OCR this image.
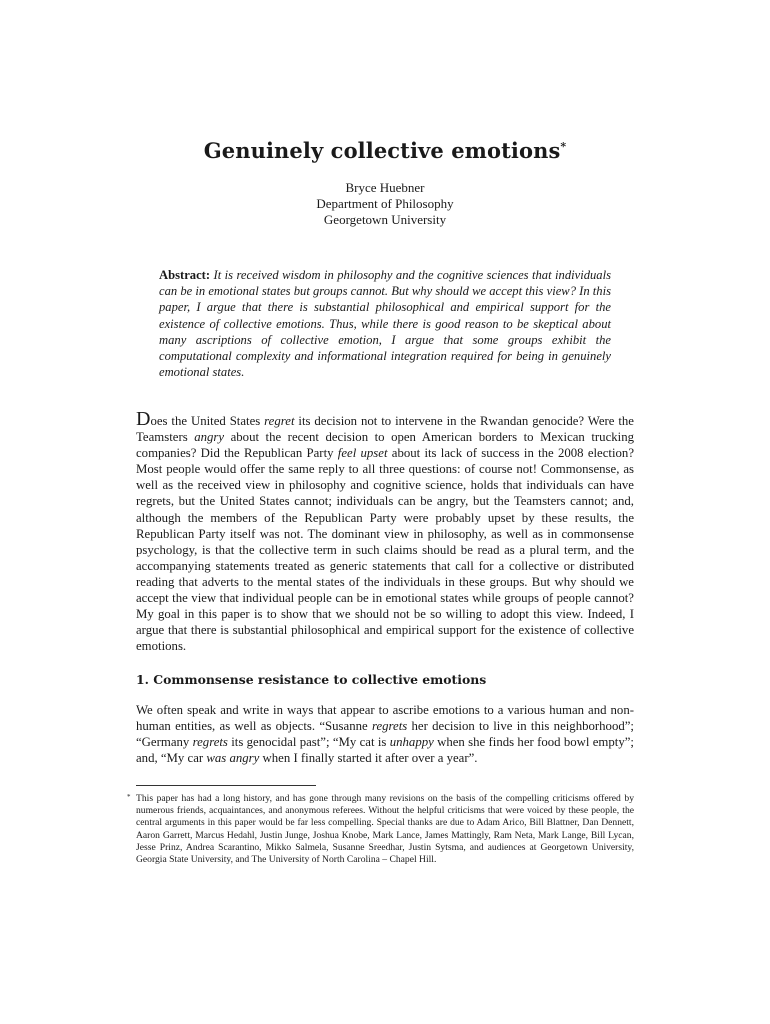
Genuinely collective emotions*
Bryce Huebner
Department of Philosophy
Georgetown University
Abstract: It is received wisdom in philosophy and the cognitive sciences that individuals can be in emotional states but groups cannot. But why should we accept this view? In this paper, I argue that there is substantial philosophical and empirical support for the existence of collective emotions. Thus, while there is good reason to be skeptical about many ascriptions of collective emotion, I argue that some groups exhibit the computational complexity and informational integration required for being in genuinely emotional states.
Does the United States regret its decision not to intervene in the Rwandan genocide? Were the Teamsters angry about the recent decision to open American borders to Mexican trucking companies? Did the Republican Party feel upset about its lack of success in the 2008 election? Most people would offer the same reply to all three questions: of course not! Commonsense, as well as the received view in philosophy and cognitive science, holds that individuals can have regrets, but the United States cannot; individuals can be angry, but the Teamsters cannot; and, although the members of the Republican Party were probably upset by these results, the Republican Party itself was not. The dominant view in philosophy, as well as in commonsense psychology, is that the collective term in such claims should be read as a plural term, and the accompanying statements treated as generic statements that call for a collective or distributed reading that adverts to the mental states of the individuals in these groups. But why should we accept the view that individual people can be in emotional states while groups of people cannot? My goal in this paper is to show that we should not be so willing to adopt this view. Indeed, I argue that there is substantial philosophical and empirical support for the existence of collective emotions.
1. Commonsense resistance to collective emotions
We often speak and write in ways that appear to ascribe emotions to a various human and non-human entities, as well as objects. “Susanne regrets her decision to live in this neighborhood”; “Germany regrets its genocidal past”; “My cat is unhappy when she finds her food bowl empty”; and, “My car was angry when I finally started it after over a year”.
* This paper has had a long history, and has gone through many revisions on the basis of the compelling criticisms offered by numerous friends, acquaintances, and anonymous referees. Without the helpful criticisms that were voiced by these people, the central arguments in this paper would be far less compelling. Special thanks are due to Adam Arico, Bill Blattner, Dan Dennett, Aaron Garrett, Marcus Hedahl, Justin Junge, Joshua Knobe, Mark Lance, James Mattingly, Ram Neta, Mark Lange, Bill Lycan, Jesse Prinz, Andrea Scarantino, Mikko Salmela, Susanne Sreedhar, Justin Sytsma, and audiences at Georgetown University, Georgia State University, and The University of North Carolina – Chapel Hill.
